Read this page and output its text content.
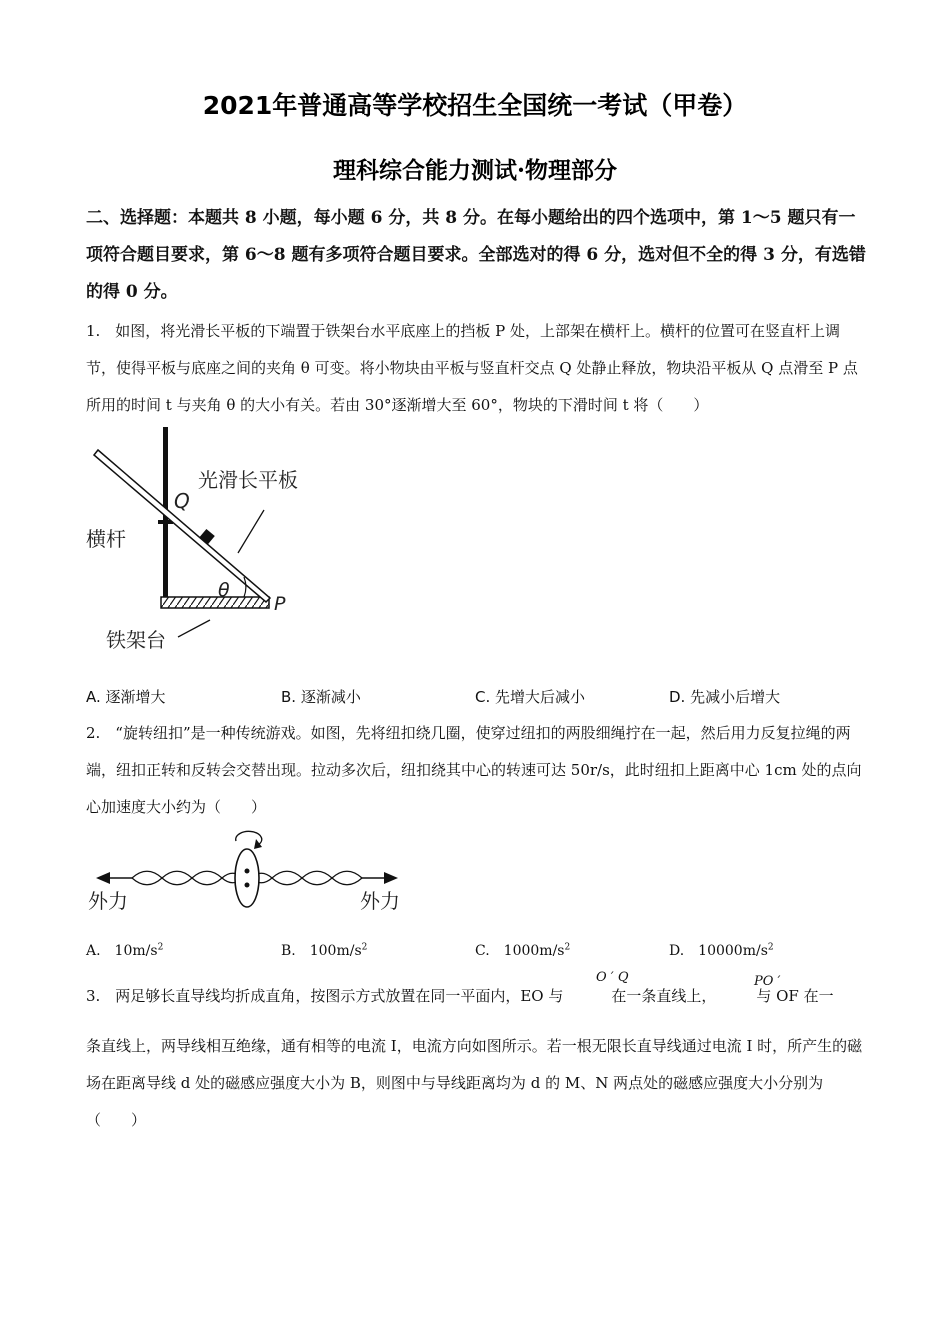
2021年普通高等学校招生全国统一考试（甲卷）
理科综合能力测试·物理部分
二、选择题：本题共 8 小题，每小题 6 分，共 8 分。在每小题给出的四个选项中，第 1～5 题只有一项符合题目要求，第 6～8 题有多项符合题目要求。全部选对的得 6 分，选对但不全的得 3 分，有选错的得 0 分。
1.　如图，将光滑长平板的下端置于铁架台水平底座上的挡板 P 处，上部架在横杆上。横杆的位置可在竖直杆上调节，使得平板与底座之间的夹角 θ 可变。将小物块由平板与竖直杆交点 Q 处静止释放，物块沿平板从 Q 点滑至 P 点所用的时间 t 与夹角 θ 的大小有关。若由 30°逐渐增大至 60°，物块的下滑时间 t 将（　　）
光滑长平板
Q
横杆
θ
P
铁架台
A. 逐渐增大	B. 逐渐减小	C. 先增大后减小	D. 先减小后增大
2.　“旋转纽扣”是一种传统游戏。如图，先将纽扣绕几圈，使穿过纽扣的两股细绳拧在一起，然后用力反复拉绳的两端，纽扣正转和反转会交替出现。拉动多次后，纽扣绕其中心的转速可达 50r/s，此时纽扣上距离中心 1cm 处的点向心加速度大小约为（　　）
外力	外力
A.　$10m/s^2$	B.　$100m/s^2$	C.　$1000m/s^2$	D.　$10000m/s^2$
3.　两足够长直导线均折成直角，按图示方式放置在同一平面内，EO 与	在一条直线上，	与 OF 在一
O ′ Q	PO ′
条直线上，两导线相互绝缘，通有相等的电流 I，电流方向如图所示。若一根无限长直导线通过电流 I 时，所产生的磁场在距离导线 d 处的磁感应强度大小为 B，则图中与导线距离均为 d 的 M、N 两点处的磁感应强度大小分别为（　　）
